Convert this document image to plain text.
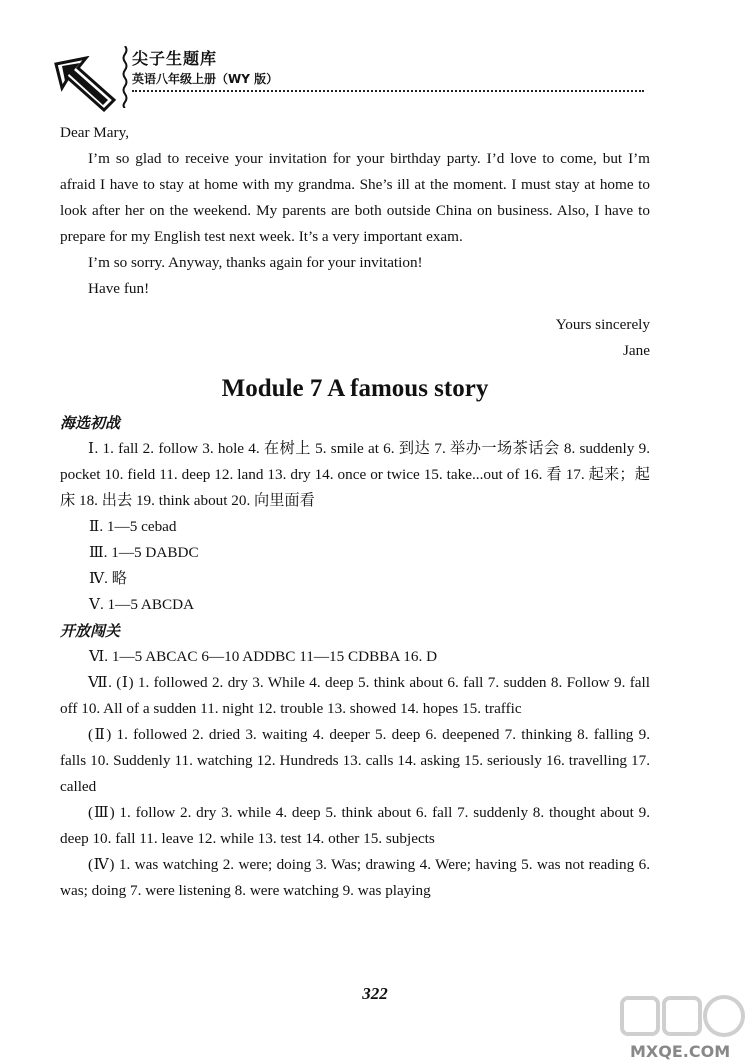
尖子生题库
英语八年级上册（WY 版）

Dear Mary,

I’m so glad to receive your invitation for your birthday party. I’d love to come, but I’m afraid I have to stay at home with my grandma. She’s ill at the moment. I must stay at home to look after her on the weekend. My parents are both outside China on business. Also, I have to prepare for my English test next week. It’s a very important exam.

I’m so sorry. Anyway, thanks again for your invitation!

Have fun!

Yours sincerely

Jane

Module 7 A famous story

海选初战

Ⅰ. 1. fall 2. follow 3. hole 4. 在树上 5. smile at 6. 到达 7. 举办一场茶话会 8. suddenly 9. pocket 10. field 11. deep 12. land 13. dry 14. once or twice 15. take...out of 16. 看 17. 起来；起床 18. 出去 19. think about 20. 向里面看

Ⅱ. 1—5 cebad

Ⅲ. 1—5 DABDC

Ⅳ. 略

Ⅴ. 1—5 ABCDA

开放闯关

Ⅵ. 1—5 ABCAC 6—10 ADDBC 11—15 CDBBA 16. D

Ⅶ. (Ⅰ) 1. followed 2. dry 3. While 4. deep 5. think about 6. fall 7. sudden 8. Follow 9. fall off 10. All of a sudden 11. night 12. trouble 13. showed 14. hopes 15. traffic

(Ⅱ) 1. followed 2. dried 3. waiting 4. deeper 5. deep 6. deepened 7. thinking 8. falling 9. falls 10. Suddenly 11. watching 12. Hundreds 13. calls 14. asking 15. seriously 16. travelling 17. called

(Ⅲ) 1. follow 2. dry 3. while 4. deep 5. think about 6. fall 7. suddenly 8. thought about 9. deep 10. fall 11. leave 12. while 13. test 14. other 15. subjects

(Ⅳ) 1. was watching 2. were; doing 3. Was; drawing 4. Were; having 5. was not reading 6. was; doing 7. were listening 8. were watching 9. was playing

322
MXQE.COM
